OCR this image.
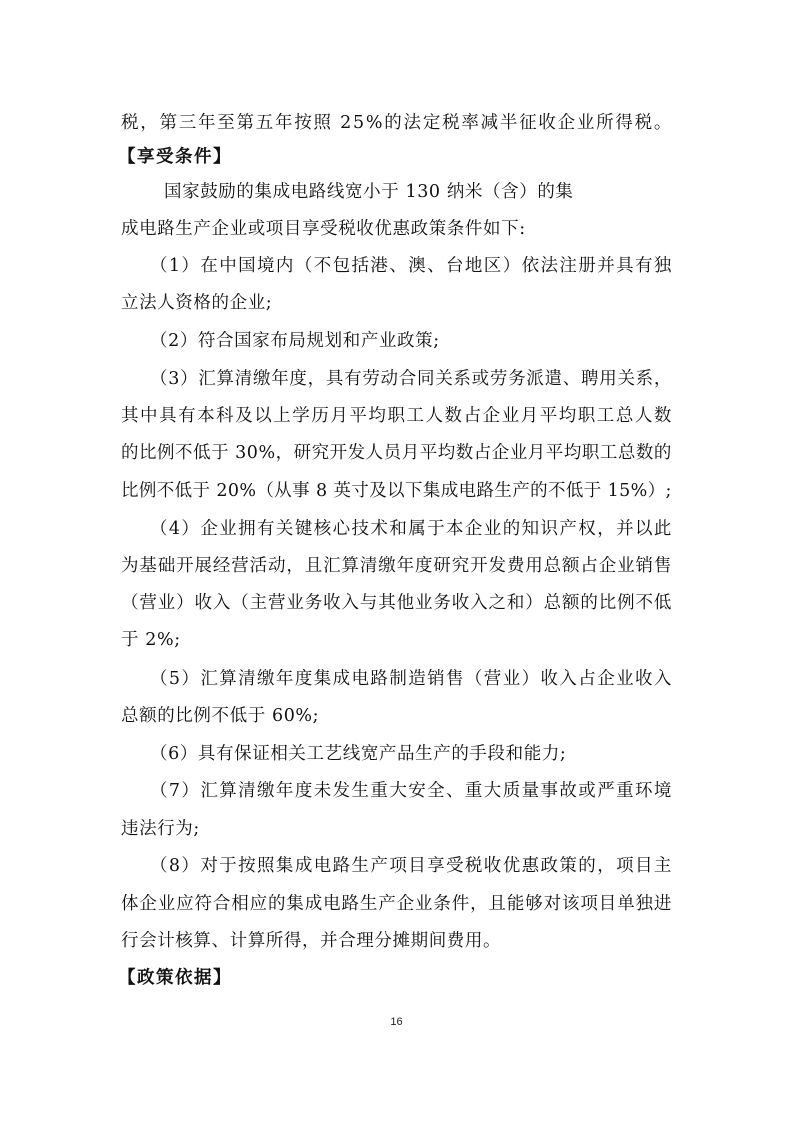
税，第三年至第五年按照 25%的法定税率减半征收企业所得税。
【享受条件】
国家鼓励的集成电路线宽小于 130 纳米（含）的集
成电路生产企业或项目享受税收优惠政策条件如下:
（1）在中国境内（不包括港、澳、台地区）依法注册并具有独
立法人资格的企业;
（2）符合国家布局规划和产业政策;
（3）汇算清缴年度，具有劳动合同关系或劳务派遣、聘用关系，
其中具有本科及以上学历月平均职工人数占企业月平均职工总人数
的比例不低于 30%，研究开发人员月平均数占企业月平均职工总数的
比例不低于 20%（从事 8 英寸及以下集成电路生产的不低于 15%）;
（4）企业拥有关键核心技术和属于本企业的知识产权，并以此
为基础开展经营活动，且汇算清缴年度研究开发费用总额占企业销售
（营业）收入（主营业务收入与其他业务收入之和）总额的比例不低
于 2%;
（5）汇算清缴年度集成电路制造销售（营业）收入占企业收入
总额的比例不低于 60%;
（6）具有保证相关工艺线宽产品生产的手段和能力;
（7）汇算清缴年度未发生重大安全、重大质量事故或严重环境
违法行为;
（8）对于按照集成电路生产项目享受税收优惠政策的，项目主
体企业应符合相应的集成电路生产企业条件，且能够对该项目单独进
行会计核算、计算所得，并合理分摊期间费用。
【政策依据】
16
